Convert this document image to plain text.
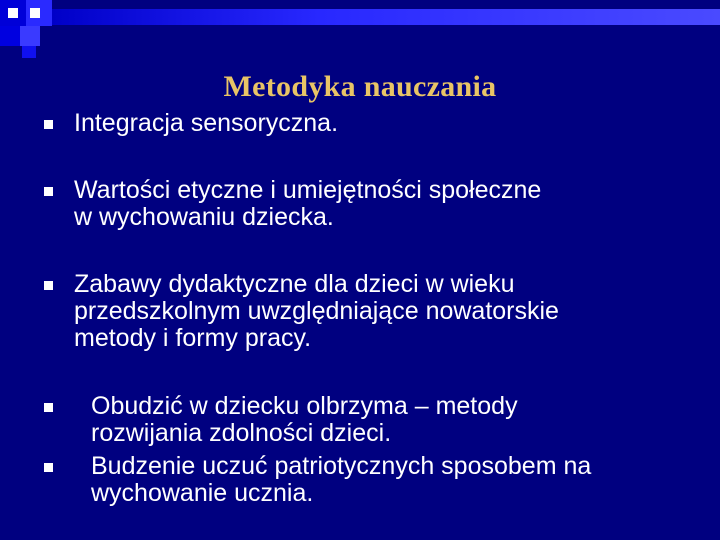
Metodyka nauczania
Integracja sensoryczna.
Wartości etyczne i umiejętności społeczne
w wychowaniu dziecka.
Zabawy dydaktyczne dla dzieci w wieku
przedszkolnym uwzględniające nowatorskie
metody i formy pracy.
Obudzić w dziecku olbrzyma – metody
rozwijania zdolności dzieci.
Budzenie uczuć patriotycznych sposobem na
wychowanie ucznia.
